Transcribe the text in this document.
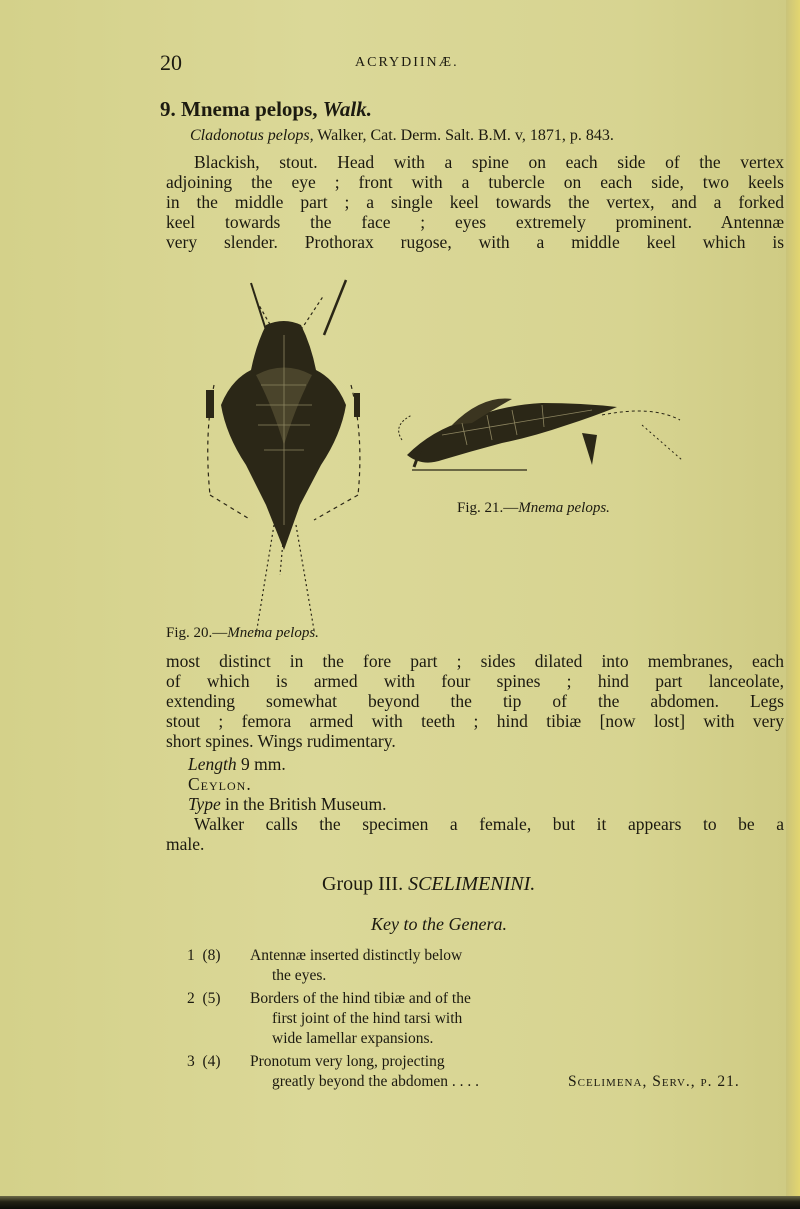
20	ACRYDIINÆ.
9. Mnema pelops, Walk.
Cladonotus pelops, Walker, Cat. Derm. Salt. B.M. v, 1871, p. 843.
Blackish, stout. Head with a spine on each side of the vertex
adjoining the eye ; front with a tubercle on each side, two keels
in the middle part ; a single keel towards the vertex, and a forked
keel towards the face ; eyes extremely prominent. Antennæ
very slender. Prothorax rugose, with a middle keel which is
Fig. 21.—Mnema pelops.
Fig. 20.—Mnema pelops.
most distinct in the fore part ; sides dilated into membranes, each
of which is armed with four spines ; hind part lanceolate,
extending somewhat beyond the tip of the abdomen. Legs
stout ; femora armed with teeth ; hind tibiæ [now lost] with very
short spines. Wings rudimentary.
Length 9 mm.
Ceylon.
Type in the British Museum.
Walker calls the specimen a female, but it appears to be a
male.
Group III. SCELIMENINI.
Key to the Genera.
1 (8) Antennæ inserted distinctly below
the eyes.
2 (5) Borders of the hind tibiæ and of the
first joint of the hind tarsi with
wide lamellar expansions.
3 (4) Pronotum very long, projecting
greatly beyond the abdomen . . . .	Scelimena, Serv., p. 21.
